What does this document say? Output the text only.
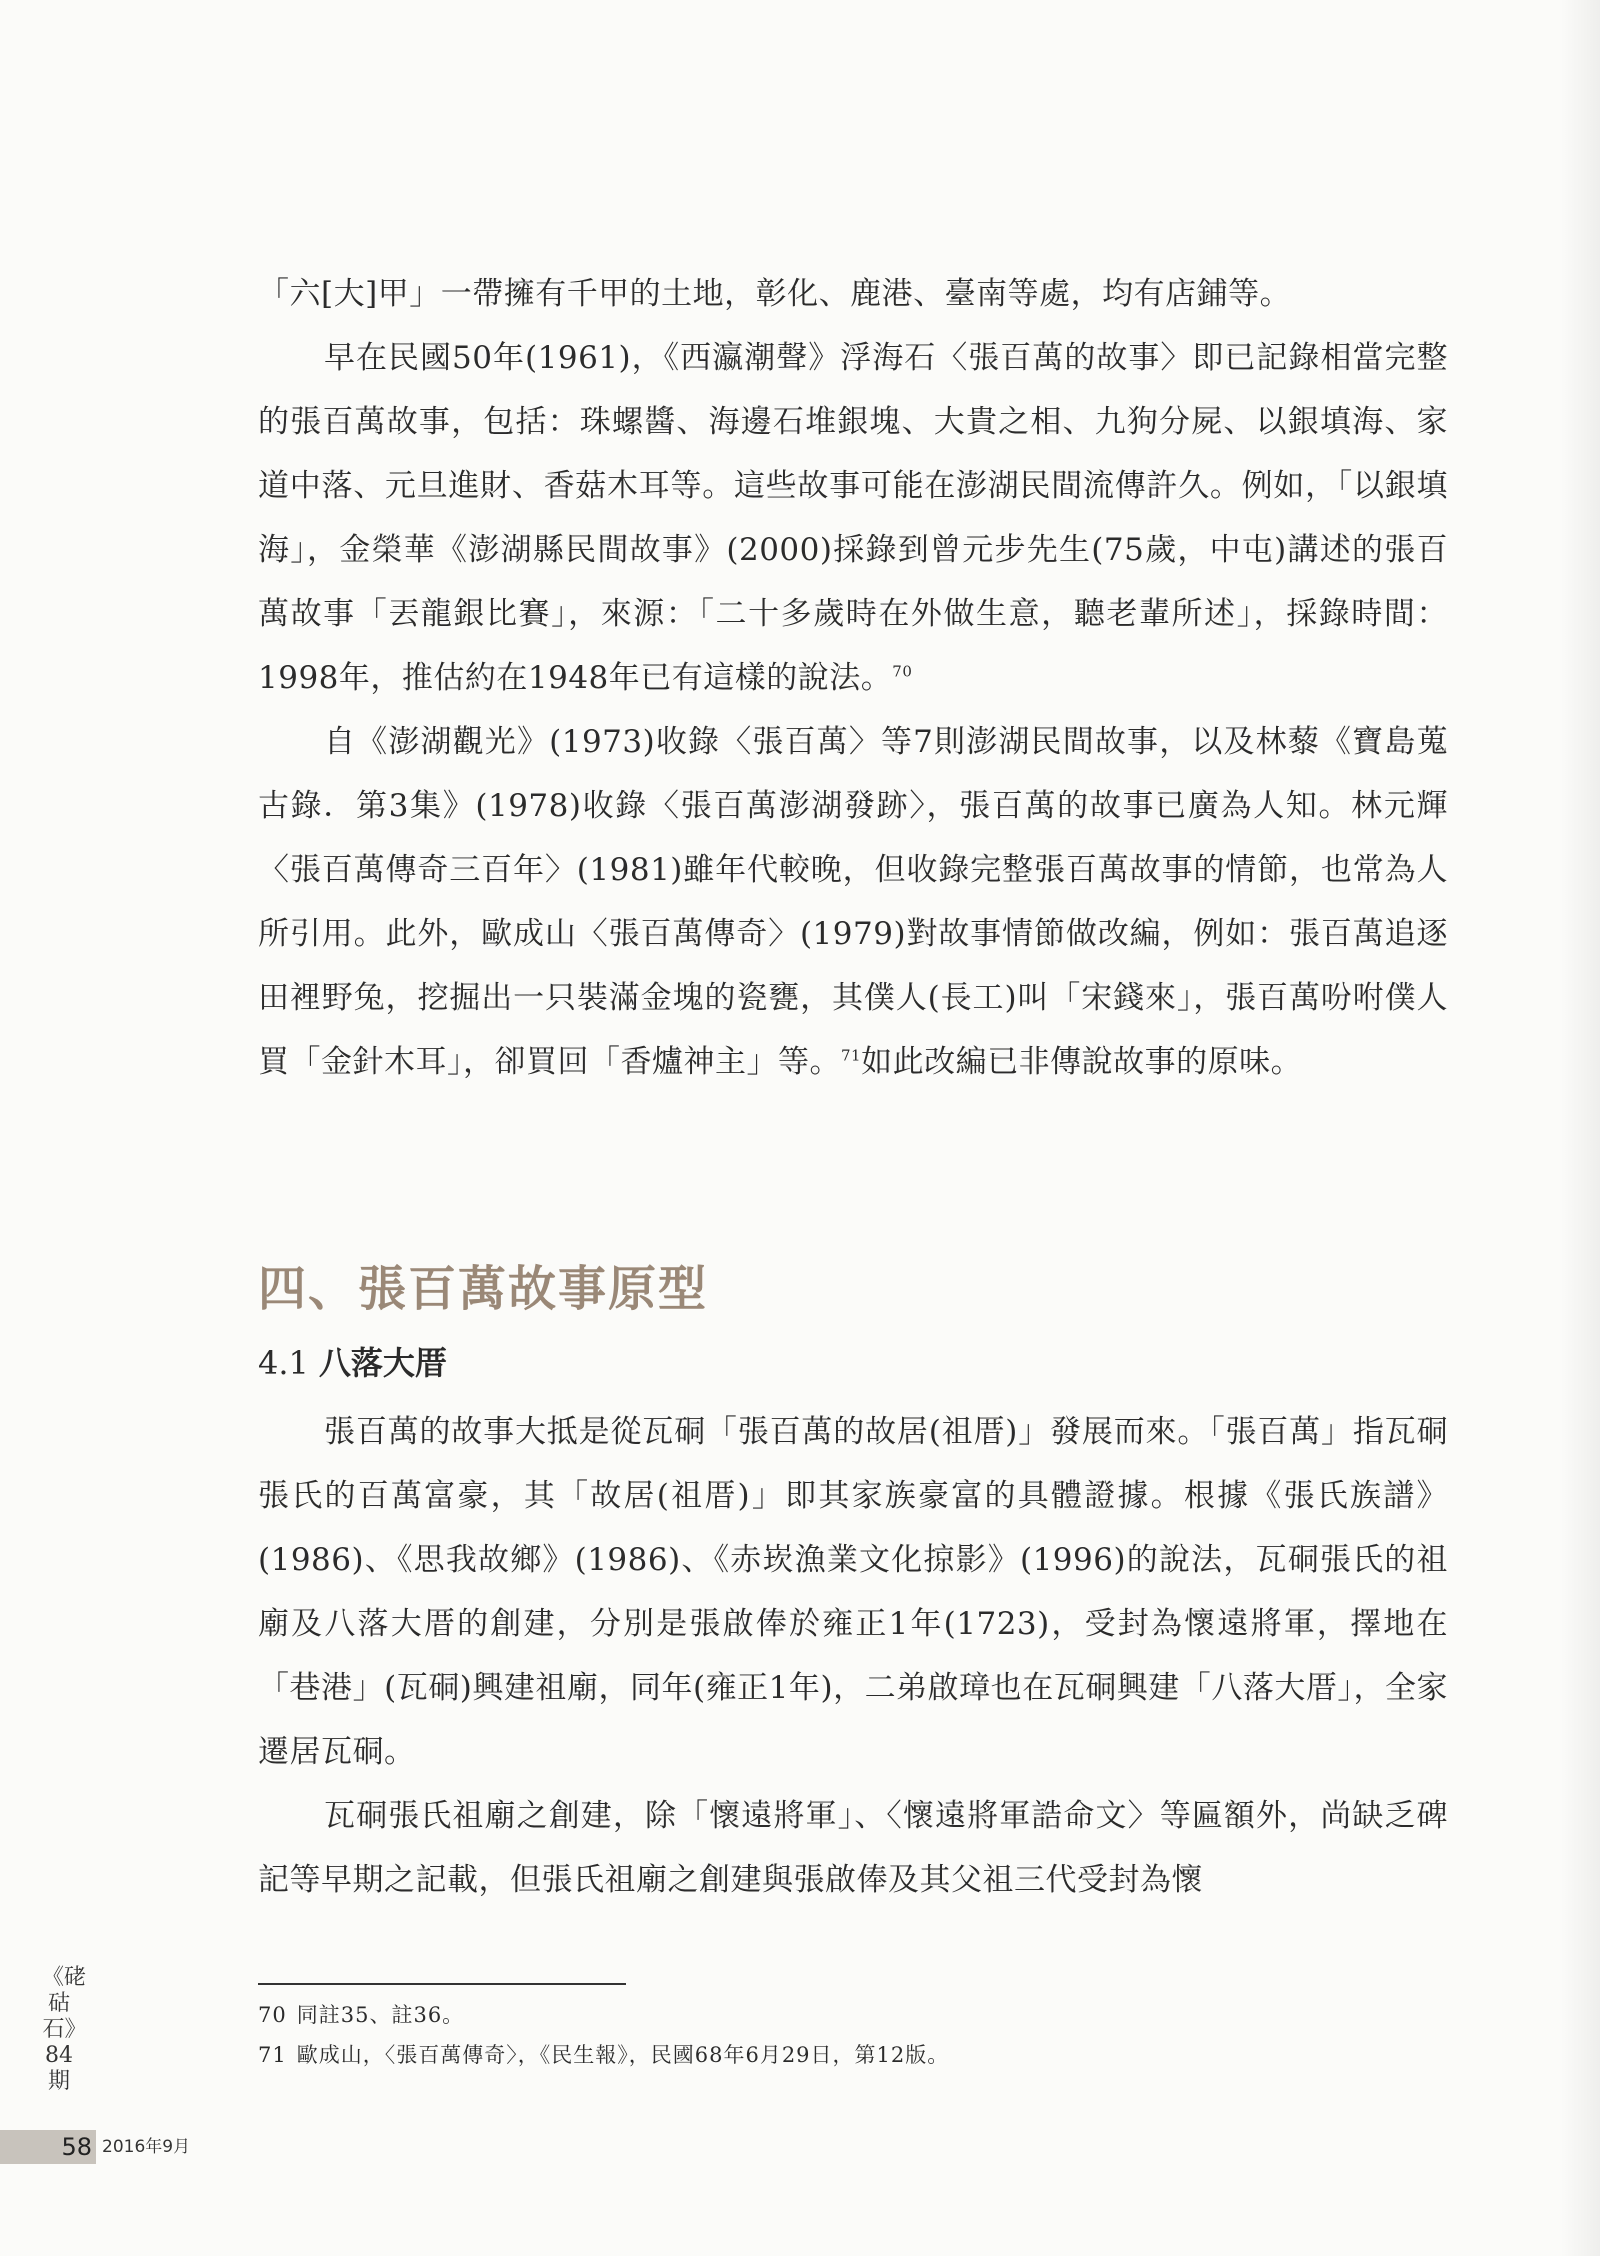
「六[大]甲」一帶擁有千甲的土地，彰化、鹿港、臺南等處，均有店鋪等。

早在民國50年(1961)，《西瀛潮聲》浮海石〈張百萬的故事〉即已記錄相當完整的張百萬故事，包括：珠螺醬、海邊石堆銀塊、大貴之相、九狗分屍、以銀填海、家道中落、元旦進財、香菇木耳等。這些故事可能在澎湖民間流傳許久。例如，「以銀填海」，金榮華《澎湖縣民間故事》(2000)採錄到曾元步先生(75歲，中屯)講述的張百萬故事「丟龍銀比賽」，來源：「二十多歲時在外做生意，聽老輩所述」，採錄時間：1998年，推估約在1948年已有這樣的說法。$^{70}$

自《澎湖觀光》(1973)收錄〈張百萬〉等7則澎湖民間故事，以及林藜《寶島蒐古錄．第3集》(1978)收錄〈張百萬澎湖發跡〉，張百萬的故事已廣為人知。林元輝〈張百萬傳奇三百年〉(1981)雖年代較晚，但收錄完整張百萬故事的情節，也常為人所引用。此外，歐成山〈張百萬傳奇〉(1979)對故事情節做改編，例如：張百萬追逐田裡野兔，挖掘出一只裝滿金塊的瓷甕，其僕人(長工)叫「宋錢來」，張百萬吩咐僕人買「金針木耳」，卻買回「香爐神主」等。$^{71}$如此改編已非傳說故事的原味。

四、張百萬故事原型
4.1 八落大厝

張百萬的故事大抵是從瓦硐「張百萬的故居(祖厝)」發展而來。「張百萬」指瓦硐張氏的百萬富豪，其「故居(祖厝)」即其家族豪富的具體證據。根據《張氏族譜》(1986)、《思我故鄉》(1986)、《赤崁漁業文化掠影》(1996)的說法，瓦硐張氏的祖廟及八落大厝的創建，分別是張啟俸於雍正1年(1723)，受封為懷遠將軍，擇地在「巷港」(瓦硐)興建祖廟，同年(雍正1年)，二弟啟璋也在瓦硐興建「八落大厝」，全家遷居瓦硐。

瓦硐張氏祖廟之創建，除「懷遠將軍」、〈懷遠將軍誥命文〉等匾額外，尚缺乏碑記等早期之記載，但張氏祖廟之創建與張啟俸及其父祖三代受封為懷

70 同註35、註36。
71 歐成山，〈張百萬傳奇〉，《民生報》，民國68年6月29日，第12版。
《硓𥑮石》84期
58 2016年9月
